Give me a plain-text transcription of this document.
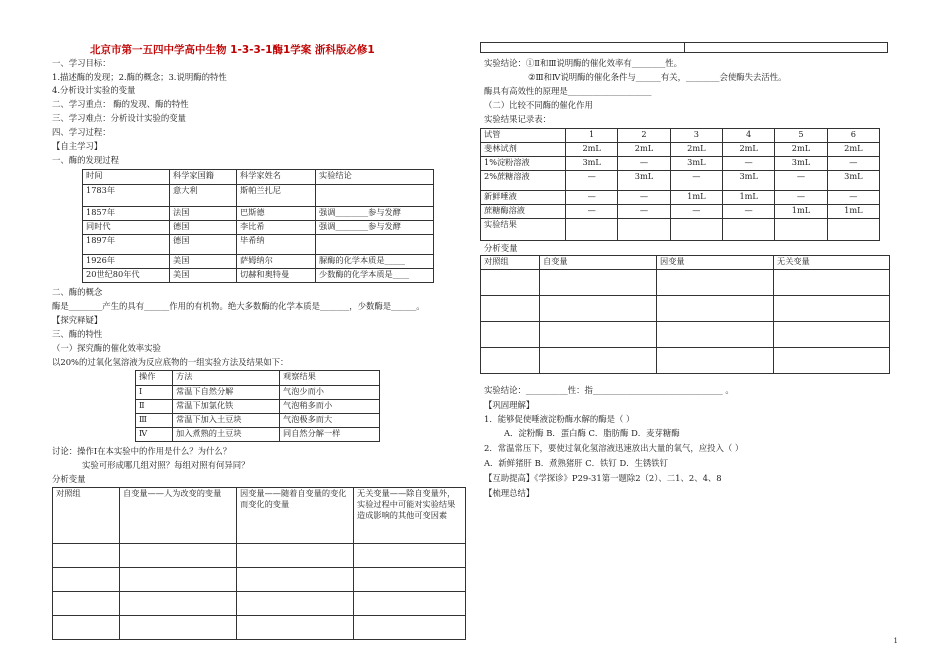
北京市第一五四中学高中生物 1-3-3-1酶1学案 浙科版必修1
一、学习目标：
1.描述酶的发现；2.酶的概念；3.说明酶的特性
4.分析设计实验的变量
二、学习重点： 酶的发现、酶的特性
三、学习难点：分析设计实验的变量
四、学习过程：
【自主学习】
一、酶的发现过程
时间	科学家国籍	科学家姓名	实验结论
1783年	意大利	斯帕兰扎尼	
1857年	法国	巴斯德	强调________参与发酵
同时代	德国	李比希	强调________参与发酵
1897年	德国	毕希纳	
1926年	美国	萨姆纳尔	脲酶的化学本质是_____
20世纪80年代	美国	切赫和奥特曼	少数酶的化学本质是____
二、酶的概念
酶是________产生的具有______作用的有机物。绝大多数酶的化学本质是_______，少数酶是______。
【探究释疑】
三、酶的特性
（一）探究酶的催化效率实验
以20%的过氧化氢溶液为反应底物的一组实验方法及结果如下：
操作	方法	观察结果
Ⅰ	常温下自然分解	气泡少而小
Ⅱ	常温下加氯化铁	气泡稍多而小
Ⅲ	常温下加入土豆块	气泡极多而大
Ⅳ	加入煮熟的土豆块	同自然分解一样
讨论：操作Ⅰ在本实验中的作用是什么？为什么？
实验可形成哪几组对照？每组对照有何异同？
分析变量
对照组	自变量——人为改变的变量	因变量——随着自变量的变化而变化的变量	无关变量——除自变量外，实验过程中可能对实验结果造成影响的其他可变因素

实验结论：①Ⅱ和Ⅲ说明酶的催化效率有________性。
②Ⅲ和Ⅳ说明酶的催化条件与______有关，________会使酶失去活性。
酶具有高效性的原理是____________________
（二）比较不同酶的催化作用
实验结果记录表：
试管	1	2	3	4	5	6
斐林试剂	2mL	2mL	2mL	2mL	2mL	2mL
1%淀粉溶液	3mL	—	3mL	—	3mL	—
2%蔗糖溶液	—	3mL	—	3mL	—	3mL
新鲜唾液	—	—	1mL	1mL	—	—
蔗糖酶溶液	—	—	—	—	1mL	1mL
实验结果						
分析变量
对照组	自变量	因变量	无关变量

实验结论：__________性：指_______________________________ 。
【巩固理解】
1．能够促使唾液淀粉酶水解的酶是（ ）
A．淀粉酶 B．蛋白酶 C．脂肪酶 D．麦芽糖酶
2．常温常压下，要使过氧化氢溶液迅速放出大量的氧气，应投入（ ）
A．新鲜猪肝 B．煮熟猪肝 C．铁钉 D．生锈铁钉
【互助提高】《学探诊》P29-31第一题除2（2）、二1、2、4、8
【梳理总结】
1
